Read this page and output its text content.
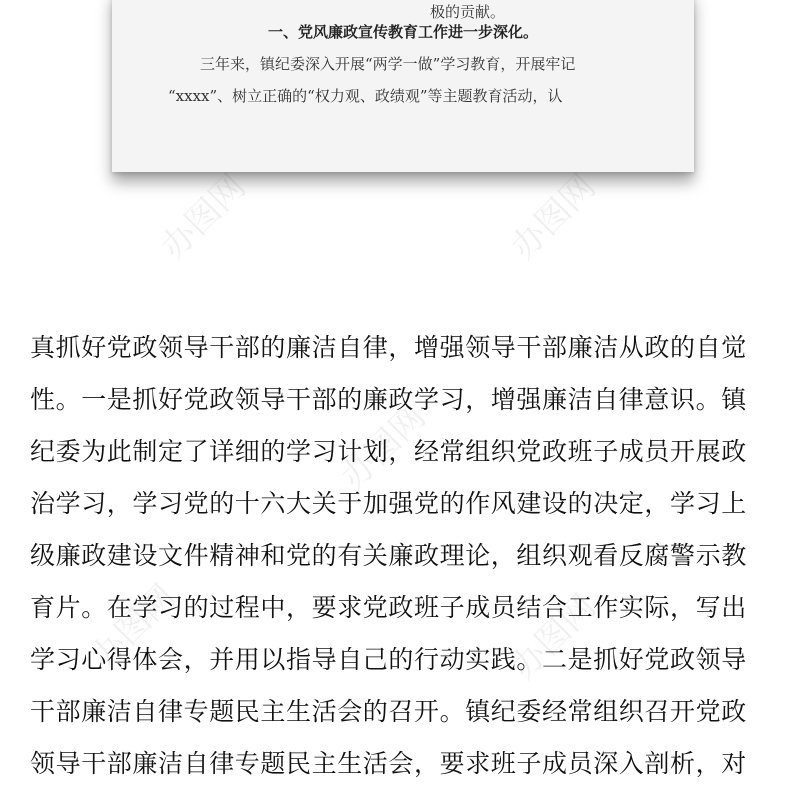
极的贡献。
一、党风廉政宣传教育工作进一步深化。
三年来，镇纪委深入开展“两学一做”学习教育，开展牢记
“xxxx”、树立正确的“权力观、政绩观”等主题教育活动，认
真抓好党政领导干部的廉洁自律，增强领导干部廉洁从政的自觉
性。一是抓好党政领导干部的廉政学习，增强廉洁自律意识。镇
纪委为此制定了详细的学习计划，经常组织党政班子成员开展政
治学习，学习党的十六大关于加强党的作风建设的决定，学习上
级廉政建设文件精神和党的有关廉政理论，组织观看反腐警示教
育片。在学习的过程中，要求党政班子成员结合工作实际，写出
学习心得体会，并用以指导自己的行动实践。二是抓好党政领导
干部廉洁自律专题民主生活会的召开。镇纪委经常组织召开党政
领导干部廉洁自律专题民主生活会，要求班子成员深入剖析，对
办图网
办图网	办图网
